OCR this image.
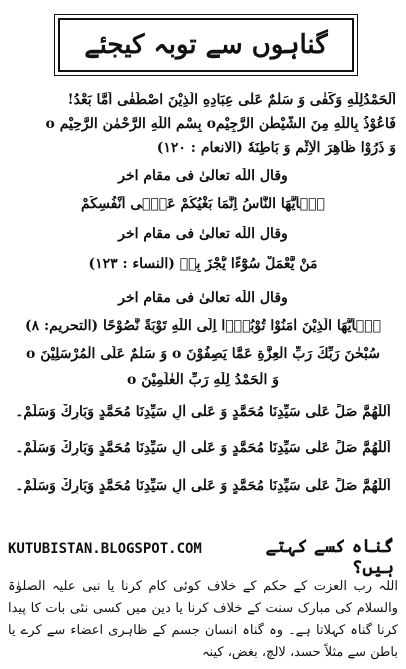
گناہوں سے توبہ کیجئے
اَلْحَمْدُلِلّٰهِ وَكَفٰى وَ سَلٰمٌ عَلٰى عِبَادِهِ الَّذِيْنَ اصْطَفٰى اَمَّا بَعْدُ!
فَاعُوْذُ بِاللّٰهِ مِنَ الشَّيْطٰنِ الرَّجِيْمِo بِسْمِ اللّٰهِ الرَّحْمٰنِ الرَّحِيْمِ o
وَ ذَرُوْا ظَاهِرَ الْاِثْمِ وَ بَاطِنَهٗ (الانعام : ۱۲۰)
وقال اللّٰه تعالیٰ فی مقام اخر
يٰۤاَيُّهَا النَّاسُ اِنَّمَا بَغْيُكُمْ عَلٰۤى اَنْفُسِكُمْ
وقال اللّٰه تعالیٰ فی مقام اخر
مَنْ يَّعْمَلْ سُوْٓءًا يُّجْزَ بِهٖ (النساء : ۱۲۳)
وقال اللّٰه تعالیٰ فی مقام اخر
يٰۤاَيُّهَا الَّذِيْنَ اٰمَنُوْا تُوْبُوْۤا اِلَى اللّٰهِ تَوْبَةً نَّصُوْحًا (التحريم: ۸)
سُبْحٰنَ رَبِّكَ رَبِّ الْعِزَّةِ عَمَّا يَصِفُوْنَ o وَ سَلٰمٌ عَلَى الْمُرْسَلِيْنَ o
وَ الْحَمْدُ لِلّٰهِ رَبِّ الْعٰلَمِيْنَ o
اَللّٰهُمَّ صَلِّ عَلٰى سَيِّدِنَا مُحَمَّدٍ وَ عَلٰى اٰلِ سَيِّدِنَا مُحَمَّدٍ وَبَارِكْ وَسَلِّمْ۔
اَللّٰهُمَّ صَلِّ عَلٰى سَيِّدِنَا مُحَمَّدٍ وَ عَلٰى اٰلِ سَيِّدِنَا مُحَمَّدٍ وَبَارِكْ وَسَلِّمْ۔
اَللّٰهُمَّ صَلِّ عَلٰى سَيِّدِنَا مُحَمَّدٍ وَ عَلٰى اٰلِ سَيِّدِنَا مُحَمَّدٍ وَبَارِكْ وَسَلِّمْ۔
KUTUBISTAN.BLOGSPOT.COM	گناہ کسے کہتے ہیں؟
اللہ رب العزت کے حکم کے خلاف کوئی کام کرنا یا نبی علیہ الصلوٰۃ والسلام کی مبارک سنت کے خلاف کرنا یا دین میں کسی نئی بات کا پیدا کرنا گناہ کہلاتا ہے۔ وہ گناہ انسان جسم کے ظاہری اعضاء سے کرے یا باطن سے مثلاً حسد، لالچ، بغض، کینہ
